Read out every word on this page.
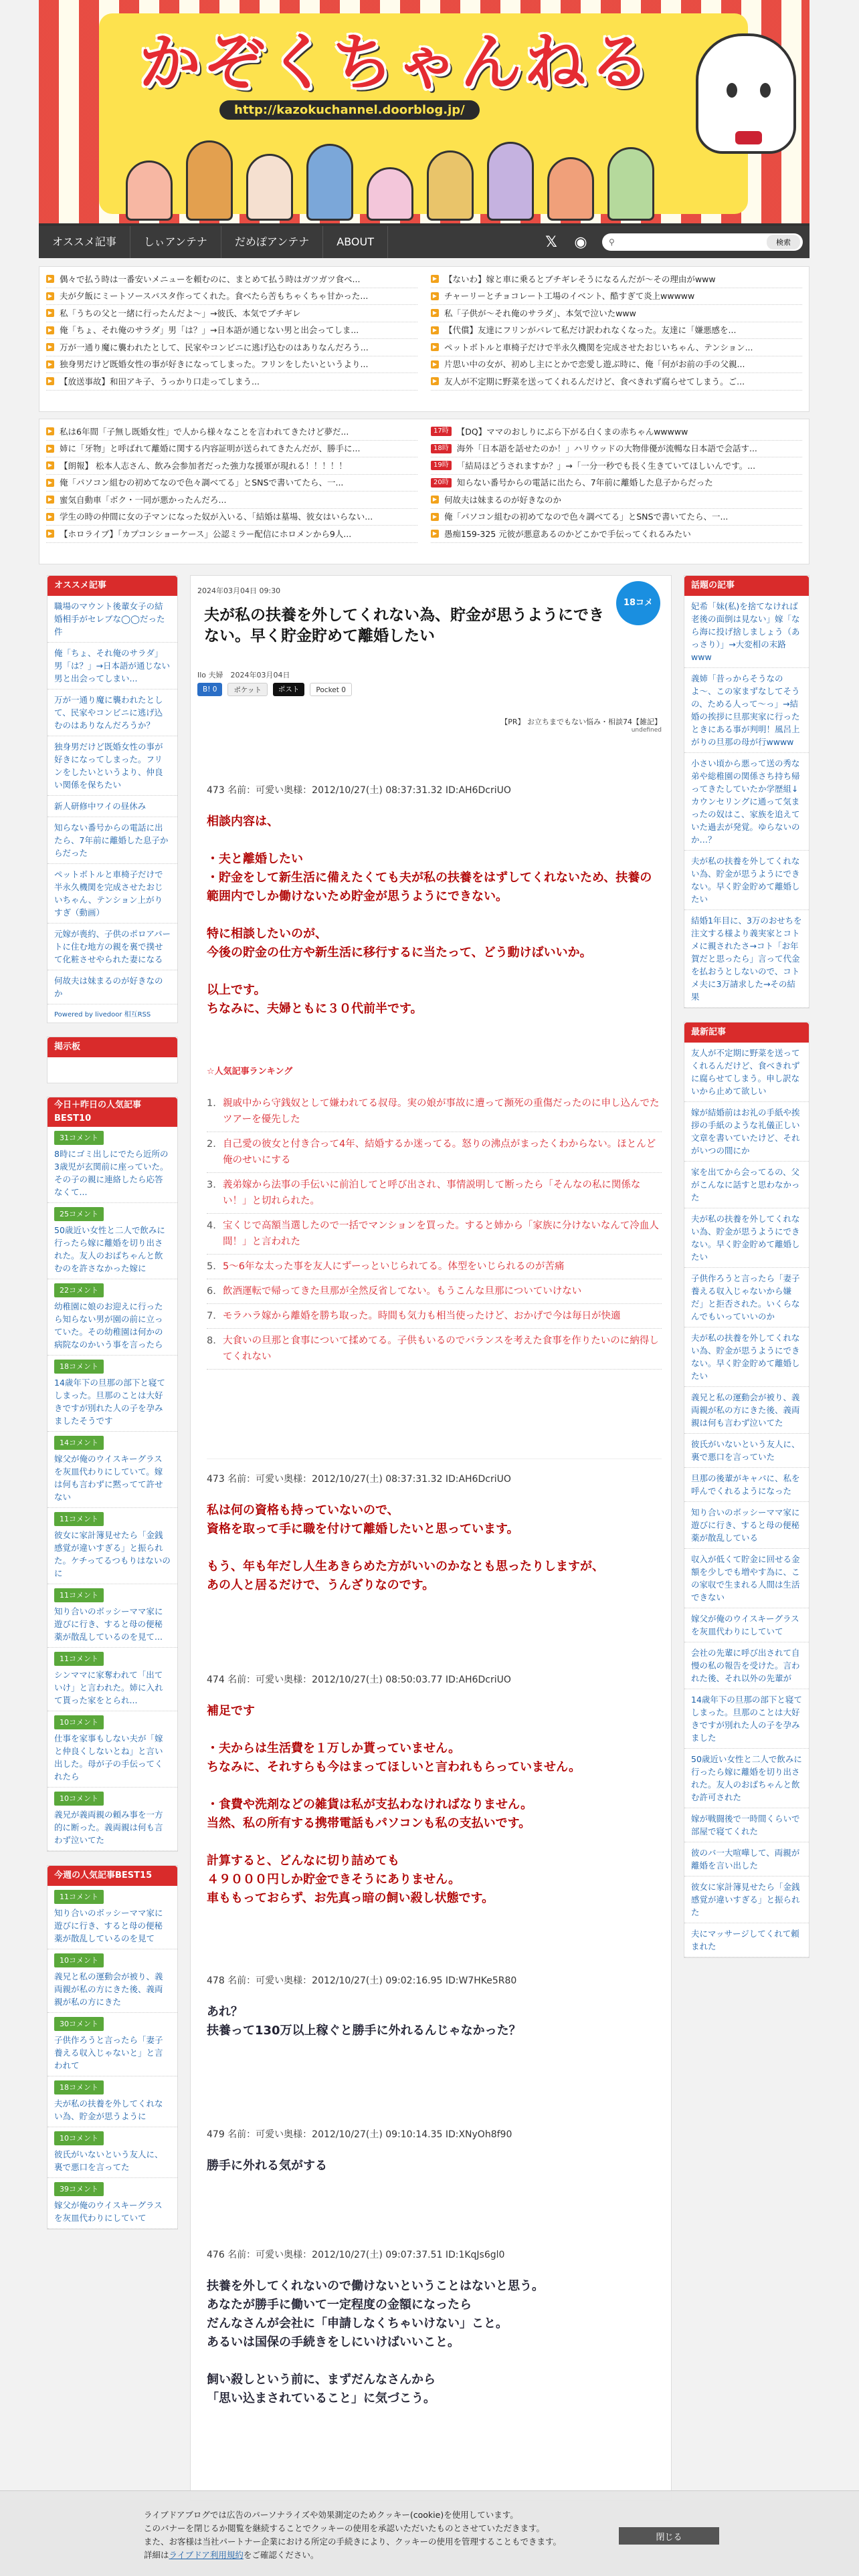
かぞくちゃんねる
http://kazokuchannel.doorblog.jp/
オススメ記事	しぃアンテナ	だめぽアンテナ	ABOUT	𝕏 ◉	⚲	検索
▶ 偶々で払う時は一番安いメニューを頼むのに、まとめて払う時はガツガツ食べ...	▶ 【ないわ】嫁と車に乗るとブチギレそうになるんだが〜その理由がwww
▶ 夫が夕飯にミートソースパスタ作ってくれた。食べたら苦もちゃくちゃ甘かった...	▶ チャーリーとチョコレート工場のイベント、酷すぎて炎上wwwww
▶ 私「うちの父と一緒に行ったんだよ〜」→彼氏、本気でブチギレ	▶ 私「子供が〜それ俺のサラダ」、本気で泣いたwww
▶ 俺「ちょ、それ俺のサラダ」男「は？」→日本語が通じない男と出会ってしま...	▶ 【代償】友達にフリンがバレて私だけ訳われなくなった。友達に「嫌悪感を...
▶ 万が一通り魔に襲われたとして、民家やコンビニに逃げ込むのはありなんだろう...	▶ ペットボトルと車椅子だけで半永久機関を完成させたおじいちゃん、テンション...
▶ 独身男だけど既婚女性の事が好きになってしまった。フリンをしたいというより...	▶ 片思い中の女が、初めし主にとかで恋愛し遊ぶ時に、俺「何がお前の手の父親...
▶ 【放送事故】和田アキ子、うっかり口走ってしまう...	▶ 友人が不定期に野菜を送ってくれるんだけど、食べきれず腐らせてしまう。ご...
▶ 私は6年間「子無し既婚女性」で人から様々なことを言われてきたけど夢だ...	17時 【DQ】ママのおしりにぶら下がる白くまの赤ちゃんwwwww
▶ 姉に「牙物」と呼ばれて離婚に関する内容証明が送られてきたんだが、勝手に...	18時 海外「日本語を話せたのか！」ハリウッドの大物俳優が流暢な日本語で会話す...
▶ 【朗報】 松本人志さん、飲み会参加者だった強力な援軍が現れる！！！！！	19時 「結局ほどうされますか？」→「一分一秒でも長く生きていてほしいんです。...
▶ 俺「パソコン組むの初めてなので色々調べてる」とSNSで書いてたら、一...	20時 知らない番号からの電話に出たら、7年前に離婚した息子からだった
▶ 蜜気自動車「ボク・一同が悪かったんだろ...	▶ 何故夫は妹まるのが好きなのか
▶ 学生の時の仲間に女の子マンになった奴が入いる、「結婚は墓場、彼女はいらない...	▶ 俺「パソコン組むの初めてなので色々調べてる」とSNSで書いてたら、一...
▶ 【ホロライブ】「カプコンショーケース」公認ミラー配信にホロメンから9人...	▶ 愚痴159-325 元彼が悪意あるのかどこかで手伝ってくれるみたい
オススメ記事
職場のマウント後輩女子の結婚相手がセレブな◯◯だった件
俺「ちょ、それ俺のサラダ」男「は？」→日本語が通じない男と出会ってしまい...
万が一通り魔に襲われたとして、民家やコンビニに逃げ込むのはありなんだろうか？
独身男だけど既婚女性の事が好きになってしまった。フリンをしたいというより、仲良い関係を保ちたい
新人研修中ワイの昼休み
知らない番号からの電話に出たら、7年前に離婚した息子からだった
ペットボトルと車椅子だけで半永久機関を完成させたおじいちゃん、テンション上がりすぎ（動画）
元嫁が喪約、子供のポロアパートに住む地方の親を裏で撲せて化粧させやられた妻になる
何故夫は妹まるのが好きなのか
Powered by livedoor 相互RSS
掲示板
今日＋昨日の人気記事BEST10
31コメント
8時にゴミ出しにでたら近所の3歳児が玄関前に座っていた。その子の親に連絡したら応答なくて...
25コメント
50歳近い女性と二人で飲みに行ったら嫁に離婚を切り出された。友人のおばちゃんと飲むのを許さなかった嫁に
22コメント
幼稚園に娘のお迎えに行ったら知らない男が園の前に立っていた。その幼稚園は何かの病院なのかいう事を言ったら
18コメント
14歳年下の旦那の部下と寝てしまった。旦那のことは大好きですが別れた人の子を孕みましたそうです
14コメント
嫁父が俺のウイスキーグラスを灰皿代わりにしていて。嫁は何も言わずに黙ってて許せない
11コメント
彼女に家計簿見せたら「金銭感覚が違いすぎる」と振られた。ケチってるつもりはないのに
11コメント
知り合いのボッシーママ家に遊びに行き、すると母の便秘薬が散乱しているのを見て...
11コメント
シンママに家奪われて「出ていけ」と言われた。姉に入れて貰った家をとられ...
10コメント
仕事を家事もしない夫が「嫁と仲良くしないとね」と言い出した。母が子の手伝ってくれたら
10コメント
義兄が義両親の頼み事を一方的に断った。義両親は何も言わず泣いてた
今週の人気記事BEST15
11コメント
知り合いのボッシーママ家に遊びに行き、すると母の便秘薬が散乱しているのを見て
10コメント
義兄と私の運動会が被り、義両親が私の方にきた後、義両親が私の方にきた
30コメント
子供作ろうと言ったら「妻子養える収入じゃないと」と言われて
18コメント
夫が私の扶養を外してくれない為、貯金が思うように
10コメント
彼氏がいないという友人に、裏で悪口を言ってた
39コメント
嫁父が俺のウイスキーグラスを灰皿代わりにしていて
2024年03月04日 09:30
18コメ
夫が私の扶養を外してくれない為、貯金が思うようにできない。早く貯金貯めて離婚したい
Ilo 夫婦　 2024年03月04日
B! 0	ポケット	ポスト	Pocket 0
【PR】 お立ちまでもない悩み・相談74【雑記】
undefined
473 名前：可愛い奥様：2012/10/27(土) 08:37:31.32 ID:AH6DcriUO
相談内容は、

・夫と離婚したい
・貯金をして新生活に備えたくても夫が私の扶養をはずしてくれないため、扶養の範囲内でしか働けないため貯金が思うようにできない。

特に相談したいのが、
今後の貯金の仕方や新生活に移行するに当たって、どう動けばいいか。

以上です。
ちなみに、夫婦ともに３０代前半です。
☆人気記事ランキング
1. 親戚中から守銭奴として嫌われてる叔母。実の娘が事故に遭って瀕死の重傷だったのに申し込んでたツアーを優先した
2. 自己愛の彼女と付き合って4年、結婚するか迷ってる。怒りの沸点がまったくわからない。ほとんど俺のせいにする
3. 義弟嫁から法事の手伝いに前泊してと呼び出され、事情説明して断ったら「そんなの私に関係ない！」と切れられた。
4. 宝くじで高額当選したので一括でマンションを買った。すると姉から「家族に分けないなんて冷血人間！」と言われた
5. 5〜6年な太った事を友人にずーっといじられてる。体型をいじられるのが苦痛
6. 飲酒運転で帰ってきた旦那が全然反省してない。もうこんな旦那についていけない
7. モラハラ嫁から離婚を勝ち取った。時間も気力も相当使ったけど、おかげで今は毎日が快適
8. 大食いの旦那と食事について揉めてる。子供もいるのでバランスを考えた食事を作りたいのに納得してくれない
473 名前：可愛い奥様：2012/10/27(土) 08:37:31.32 ID:AH6DcriUO
私は何の資格も持っていないので、
資格を取って手に職を付けて離婚したいと思っています。

もう、年も年だし人生あきらめた方がいいのかなとも思ったりしますが、
あの人と居るだけで、うんざりなのです。
474 名前：可愛い奥様：2012/10/27(土) 08:50:03.77 ID:AH6DcriUO
補足です

・夫からは生活費を１万しか貰っていません。
ちなみに、それすらも今はまってほしいと言われもらっていません。

・食費や洗剤などの雑貨は私が支払わなければなりません。
当然、私の所有する携帯電話もパソコンも私の支払いです。

計算すると、どんなに切り詰めても
４９０００円しか貯金できそうにありません。
車ももっておらず、お先真っ暗の飼い殺し状態です。
478 名前：可愛い奥様：2012/10/27(土) 09:02:16.95 ID:W7HKe5R80
あれ？
扶養って130万以上稼ぐと勝手に外れるんじゃなかった？
479 名前：可愛い奥様：2012/10/27(土) 09:10:14.35 ID:XNyOh8f90
勝手に外れる気がする
476 名前：可愛い奥様：2012/10/27(土) 09:07:37.51 ID:1KqJs6gl0
扶養を外してくれないので働けないということはないと思う。
あなたが勝手に働いて一定程度の金額になったら
だんなさんが会社に「申請しなくちゃいけない」こと。
あるいは国保の手続きをしにいけばいいこと。

飼い殺しという前に、まずだんなさんから
「思い込まされていること」に気づこう。
話題の記事
妃希「妹(私)を捨てなければ老後の面倒は見ない」嫁「なら海に投げ捨しましょう（あっさり）」→大変相の末路www
義姉「昔っからそうなのよ〜、この家まずなしてそうの、ためる人って〜っ」→結婚の挨拶に旦那実家に行ったときにある事が判明！風呂上がりの旦那の母が行wwww
小さい頃から悪って送の秀な弟や総稚園の関係さち持ち帰ってきたしていたか学歴組↓カウンセリングに通って気まったの奴はこ、家族を追えていた過去が発覚。ゆらないのか…？
夫が私の扶養を外してくれない為、貯金が思うようにできない。早く貯金貯めて離婚したい
結婚1年目に、3万のおせちを注文する様より義実家とコトメに親されたさ→コト「お年賀だと思ったら」言って代金を払おうとしないので、コトメ夫に3万請求した→その結果
最新記事
友人が不定期に野菜を送ってくれるんだけど、食べきれずに腐らせてしまう。申し訳ないから止めて欲しい
嫁が結婚前はお礼の手紙や挨拶の手紙のような礼儀正しい文章を書いていたけど、それがいつの間にか
家を出てから会ってるの、父がこんなに話すと思わなかった
夫が私の扶養を外してくれない為、貯金が思うようにできない。早く貯金貯めて離婚したい
子供作ろうと言ったら「妻子養える収入じゃないから嫌だ」と拒否された。いくらなんでもいっていいのか
夫が私の扶養を外してくれない為、貯金が思うようにできない。早く貯金貯めて離婚したい
義兄と私の運動会が被り、義両親が私の方にきた後、義両親は何も言わず泣いてた
彼氏がいないという友人に、裏で悪口を言っていた
旦那の後輩がキャバに、私を呼んでくれるようになった
知り合いのボッシーママ家に遊びに行き、すると母の便秘薬が散乱している
収入が低くて貯金に回せる金額を少しでも増やす為に、この家収で生まれる人間は生活できない
嫁父が俺のウイスキーグラスを灰皿代わりにしていて
会社の先輩に呼び出されて自慢の私の報告を受けた。言われた後、それ以外の先輩が
14歳年下の旦那の部下と寝てしまった。旦那のことは大好きですが別れた人の子を孕みました
50歳近い女性と二人で飲みに行ったら嫁に離婚を切り出された。友人のおばちゃんと飲む許可された
嫁が戦闘後で一時間くらいで部屋で寝てくれた
彼のバ一大喧嘩して、両親が離婚を言い出した
彼女に家計簿見せたら「金銭感覚が違いすぎる」と振られた
夫にマッサージしてくれて頼まれた
ライブドアブログでは広告のパーソナライズや効果測定のためクッキー(cookie)を使用しています。
このバナーを閉じるか閲覧を継続することでクッキーの使用を承認いただいたものとさせていただきます。
また、お客様は当社パートナー企業における所定の手続きにより、クッキーの使用を管理することもできます。
詳細はライブドア利用規約をご確認ください。
閉じる
